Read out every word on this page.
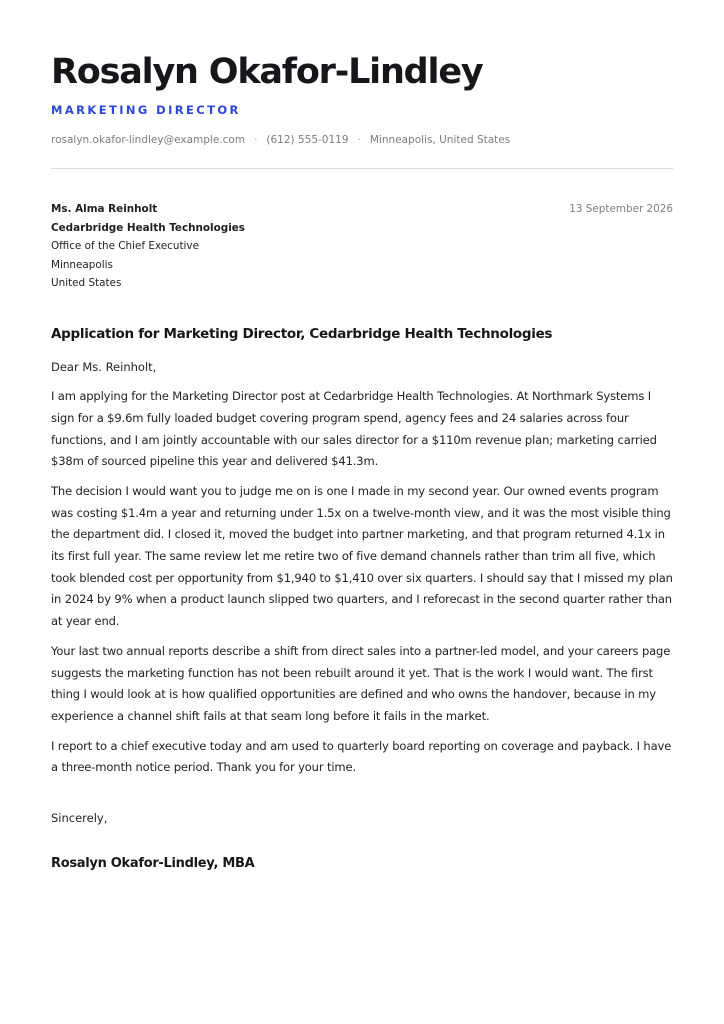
Rosalyn Okafor-Lindley
MARKETING DIRECTOR
rosalyn.okafor-lindley@example.com · (612) 555-0119 · Minneapolis, United States
Ms. Alma Reinholt
Cedarbridge Health Technologies
Office of the Chief Executive
Minneapolis
United States
13 September 2026
Application for Marketing Director, Cedarbridge Health Technologies
Dear Ms. Reinholt,

I am applying for the Marketing Director post at Cedarbridge Health Technologies. At Northmark Systems I sign for a $9.6m fully loaded budget covering program spend, agency fees and 24 salaries across four functions, and I am jointly accountable with our sales director for a $110m revenue plan; marketing carried $38m of sourced pipeline this year and delivered $41.3m.

The decision I would want you to judge me on is one I made in my second year. Our owned events program was costing $1.4m a year and returning under 1.5x on a twelve-month view, and it was the most visible thing the department did. I closed it, moved the budget into partner marketing, and that program returned 4.1x in its first full year. The same review let me retire two of five demand channels rather than trim all five, which took blended cost per opportunity from $1,940 to $1,410 over six quarters. I should say that I missed my plan in 2024 by 9% when a product launch slipped two quarters, and I reforecast in the second quarter rather than at year end.

Your last two annual reports describe a shift from direct sales into a partner-led model, and your careers page suggests the marketing function has not been rebuilt around it yet. That is the work I would want. The first thing I would look at is how qualified opportunities are defined and who owns the handover, because in my experience a channel shift fails at that seam long before it fails in the market.

I report to a chief executive today and am used to quarterly board reporting on coverage and payback. I have a three-month notice period. Thank you for your time.

Sincerely,
Rosalyn Okafor-Lindley, MBA
